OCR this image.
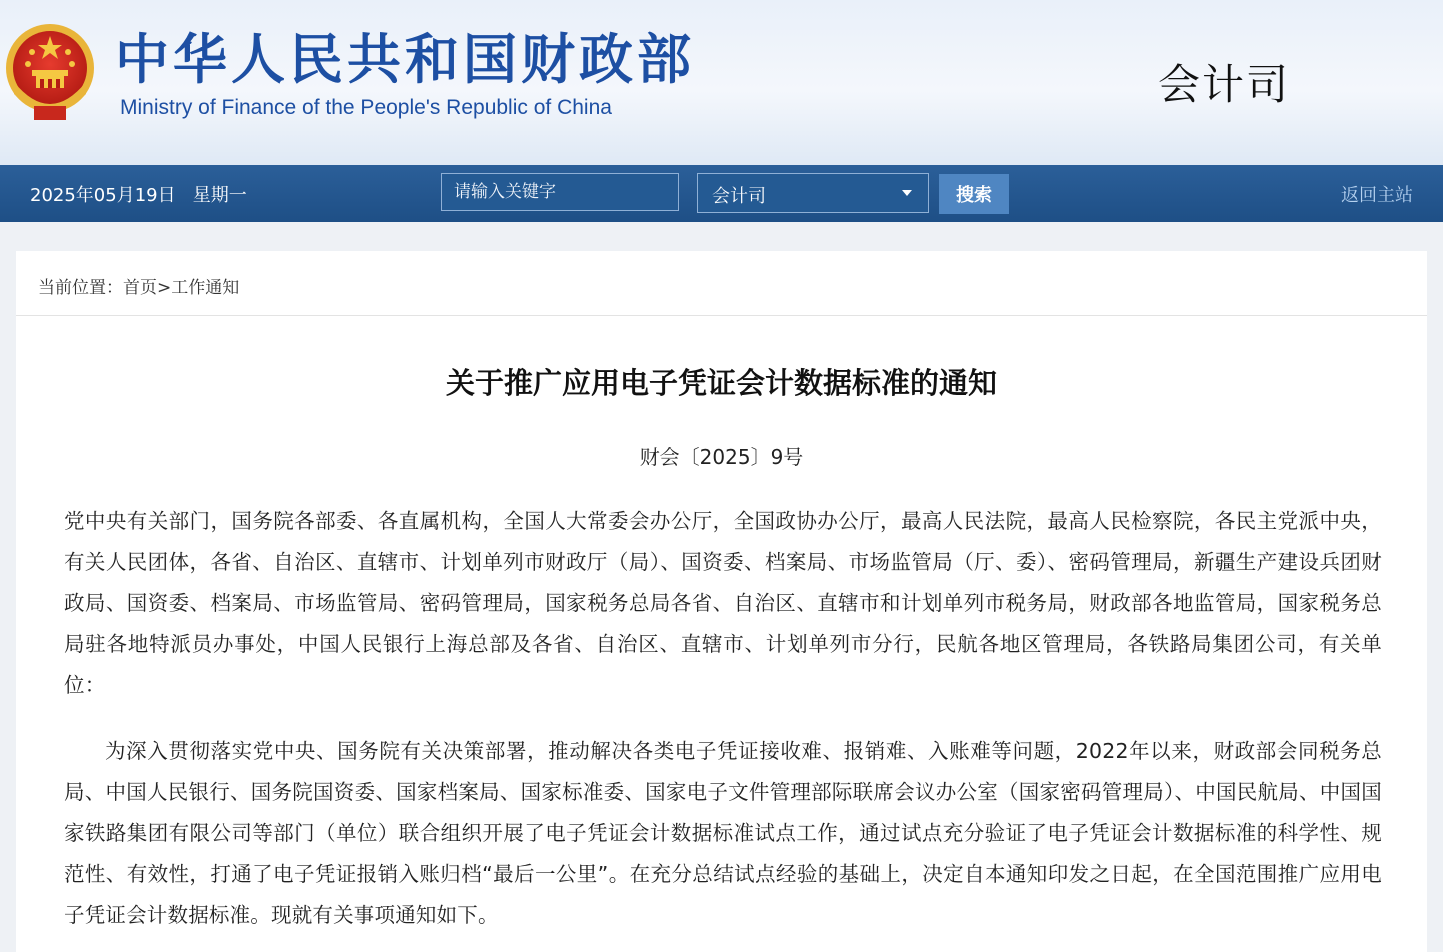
中华人民共和国财政部
Ministry of Finance of the People's Republic of China	会计司
2025年05月19日 星期一
请输入关键字	会计司	搜索	返回主站
当前位置：首页>工作通知
关于推广应用电子凭证会计数据标准的通知
财会〔2025〕9号
党中央有关部门，国务院各部委、各直属机构，全国人大常委会办公厅，全国政协办公厅，最高人民法院，最高人民检察院，各民主党派中央，有关人民团体，各省、自治区、直辖市、计划单列市财政厅（局）、国资委、档案局、市场监管局（厅、委）、密码管理局，新疆生产建设兵团财政局、国资委、档案局、市场监管局、密码管理局，国家税务总局各省、自治区、直辖市和计划单列市税务局，财政部各地监管局，国家税务总局驻各地特派员办事处，中国人民银行上海总部及各省、自治区、直辖市、计划单列市分行，民航各地区管理局，各铁路局集团公司，有关单位：
为深入贯彻落实党中央、国务院有关决策部署，推动解决各类电子凭证接收难、报销难、入账难等问题，2022年以来，财政部会同税务总局、中国人民银行、国务院国资委、国家档案局、国家标准委、国家电子文件管理部际联席会议办公室（国家密码管理局）、中国民航局、中国国家铁路集团有限公司等部门（单位）联合组织开展了电子凭证会计数据标准试点工作，通过试点充分验证了电子凭证会计数据标准的科学性、规范性、有效性，打通了电子凭证报销入账归档“最后一公里”。在充分总结试点经验的基础上，决定自本通知印发之日起，在全国范围推广应用电子凭证会计数据标准。现就有关事项通知如下。
